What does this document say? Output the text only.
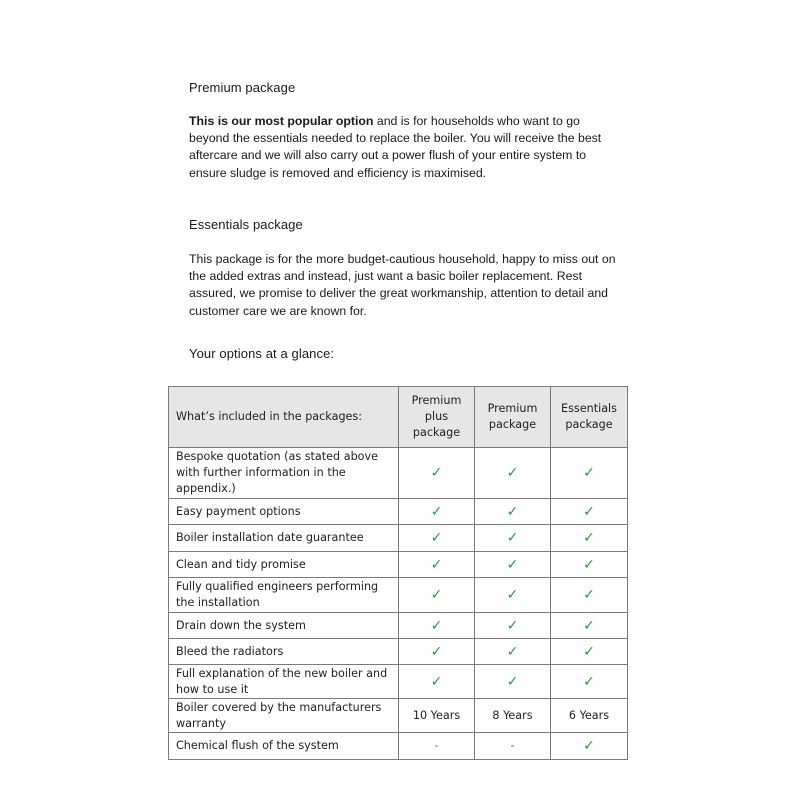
Premium package

This is our most popular option and is for households who want to go beyond the essentials needed to replace the boiler. You will receive the best aftercare and we will also carry out a power flush of your entire system to ensure sludge is removed and efficiency is maximised.

Essentials package

This package is for the more budget-cautious household, happy to miss out on the added extras and instead, just want a basic boiler replacement. Rest assured, we promise to deliver the great workmanship, attention to detail and customer care we are known for.

Your options at a glance:
What’s included in the packages:	Premium plus package	Premium package	Essentials package
Bespoke quotation (as stated above with further information in the appendix.)	✓	✓	✓
Easy payment options	✓	✓	✓
Boiler installation date guarantee	✓	✓	✓
Clean and tidy promise	✓	✓	✓
Fully qualified engineers performing the installation	✓	✓	✓
Drain down the system	✓	✓	✓
Bleed the radiators	✓	✓	✓
Full explanation of the new boiler and how to use it	✓	✓	✓
Boiler covered by the manufacturers warranty	10 Years	8 Years	6 Years
Chemical flush of the system	-	-	✓
